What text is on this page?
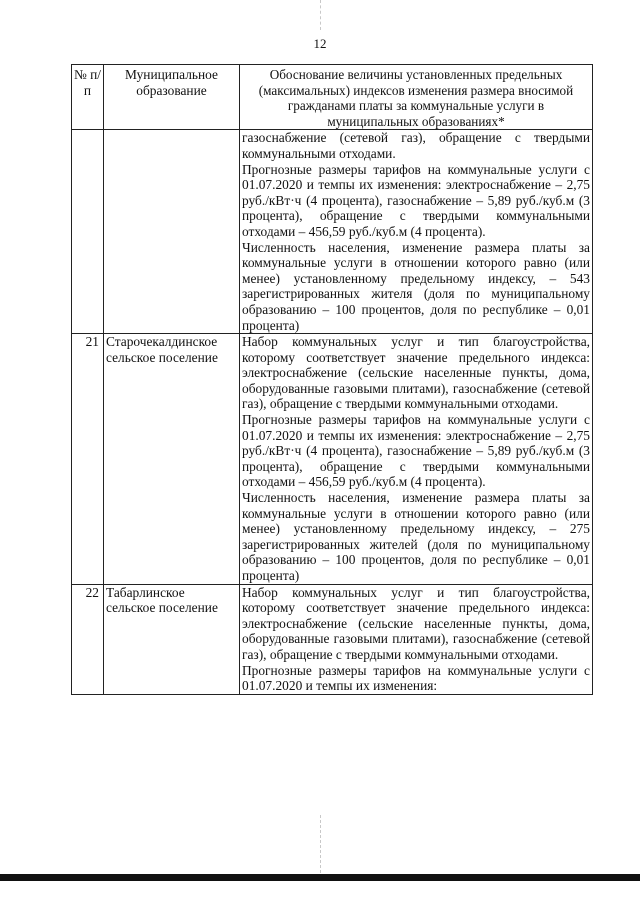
12
№ п/п	Муниципальное образование	Обоснование величины установленных предельных (максимальных) индексов изменения размера вносимой гражданами платы за коммунальные услуги в муниципальных образованиях*

		газоснабжение (сетевой газ), обращение с твердыми коммунальными отходами.

Прогнозные размеры тарифов на коммунальные услуги с 01.07.2020 и темпы их изменения: электроснабжение – 2,75 руб./кВт·ч (4 процента), газоснабжение – 5,89 руб./куб.м (3 процента), обращение с твердыми коммунальными отходами – 456,59 руб./куб.м (4 процента).

Численность населения, изменение размера платы за коммунальные услуги в отношении которого равно (или менее) установленному предельному индексу, – 543 зарегистрированных жителя (доля по муниципальному образованию – 100 процентов, доля по республике – 0,01 процента)

21	Старочекалдинское сельское поселение	Набор коммунальных услуг и тип благоустройства, которому соответствует значение предельного индекса: электроснабжение (сельские населенные пункты, дома, оборудованные газовыми плитами), газоснабжение (сетевой газ), обращение с твердыми коммунальными отходами.

Прогнозные размеры тарифов на коммунальные услуги с 01.07.2020 и темпы их изменения: электроснабжение – 2,75 руб./кВт·ч (4 процента), газоснабжение – 5,89 руб./куб.м (3 процента), обращение с твердыми коммунальными отходами – 456,59 руб./куб.м (4 процента).

Численность населения, изменение размера платы за коммунальные услуги в отношении которого равно (или менее) установленному предельному индексу, – 275 зарегистрированных жителей (доля по муниципальному образованию – 100 процентов, доля по республике – 0,01 процента)

22	Табарлинское сельское поселение	Набор коммунальных услуг и тип благоустройства, которому соответствует значение предельного индекса: электроснабжение (сельские населенные пункты, дома, оборудованные газовыми плитами), газоснабжение (сетевой газ), обращение с твердыми коммунальными отходами.

Прогнозные размеры тарифов на коммунальные услуги с 01.07.2020 и темпы их изменения:
